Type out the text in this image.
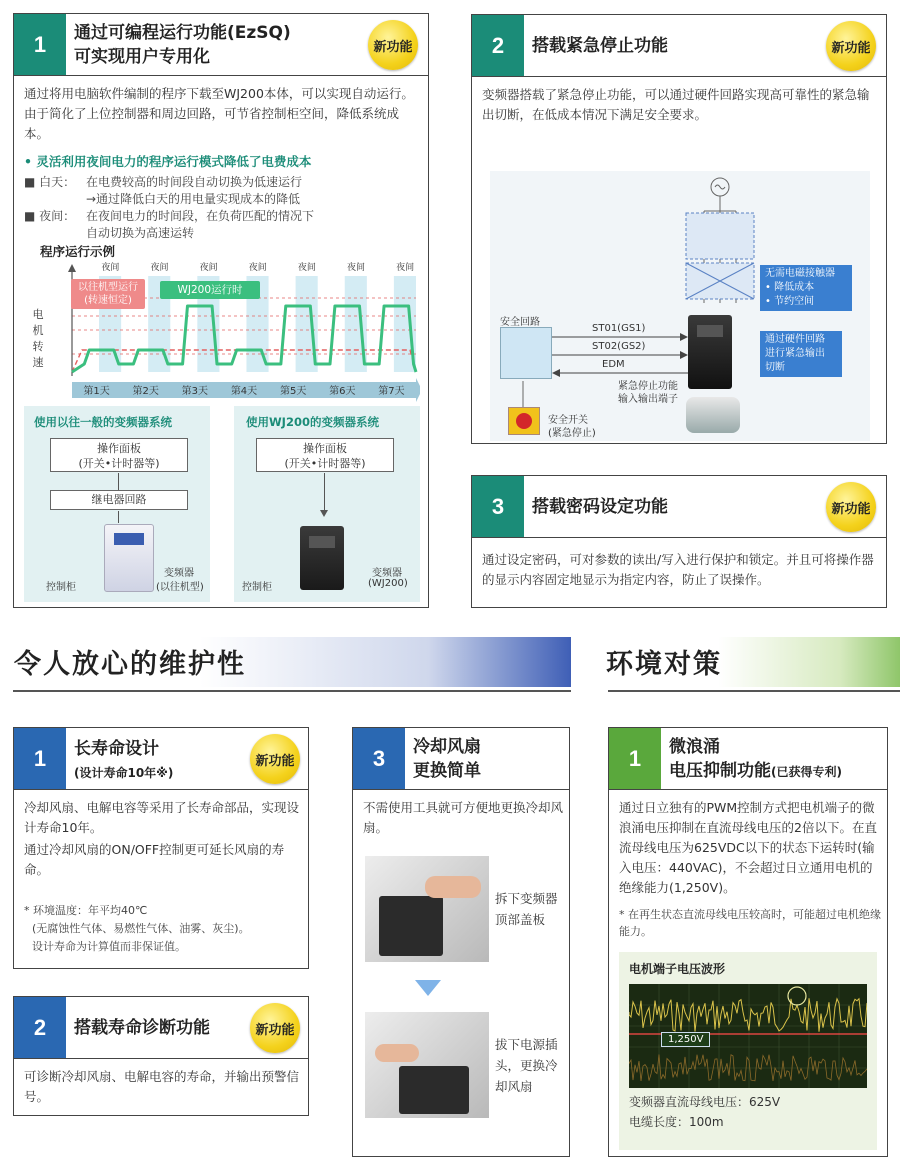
1	通过可编程运行功能(EzSQ)
可实现用户专用化	新功能
通过将用电脑软件编制的程序下载至WJ200本体，可以实现自动运行。由于简化了上位控制器和周边回路，可节省控制柜空间，降低系统成本。
• 灵活利用夜间电力的程序运行模式降低了电费成本
■ 白天： 在电费较高的时间段自动切换为低速运行
→通过降低白天的用电量实现成本的降低
■ 夜间： 在夜间电力的时间段，在负荷匹配的情况下
自动切换为高速运转
程序运行示例
电
机
转
速
第1天 第2天 第3天 第4天 第5天 第6天 第7天
夜间	夜间	夜间	夜间	夜间	夜间	夜间
以往机型运行
(转速恒定)
WJ200运行时
使用以往一般的变频器系统
操作面板
(开关•计时器等)
继电器回路
控制柜
变频器
(以往机型)
使用WJ200的变频器系统
操作面板
(开关•计时器等)
控制柜
变频器
(WJ200)
2	搭载紧急停止功能	新功能
变频器搭载了紧急停止功能，可以通过硬件回路实现高可靠性的紧急输出切断，在低成本情况下满足安全要求。
安全回路
ST01(GS1)
ST02(GS2)
EDM
紧急停止功能
输入输出端子
安全开关
(紧急停止)
无需电磁接触器
• 降低成本
• 节约空间
通过硬件回路
进行紧急输出
切断
3	搭载密码设定功能	新功能
通过设定密码，可对参数的读出/写入进行保护和锁定。并且可将操作器的显示内容固定地显示为指定内容，防止了误操作。
令人放心的维护性	环境对策
1	长寿命设计
(设计寿命10年※)
新功能
冷却风扇、电解电容等采用了长寿命部品，实现设计寿命10年。
通过冷却风扇的ON/OFF控制更可延长风扇的寿命。
* 环境温度：年平均40℃
(无腐蚀性气体、易燃性气体、油雾、灰尘)。
设计寿命为计算值而非保证值。
2	搭载寿命诊断功能	新功能
可诊断冷却风扇、电解电容的寿命，并输出预警信号。
3	冷却风扇
更换简单
不需使用工具就可方便地更换冷却风扇。
拆下变频器顶部盖板
拔下电源插头，更换冷却风扇
1	微浪涌
电压抑制功能(已获得专利)
通过日立独有的PWM控制方式把电机端子的微浪涌电压抑制在直流母线电压的2倍以下。在直流母线电压为625VDC以下的状态下运转时(输入电压：440VAC)，不会超过日立通用电机的绝缘能力(1,250V)。
* 在再生状态直流母线电压较高时，可能超过电机绝缘能力。
电机端子电压波形
1,250V
变频器直流母线电压：625V
电缆长度：100m
